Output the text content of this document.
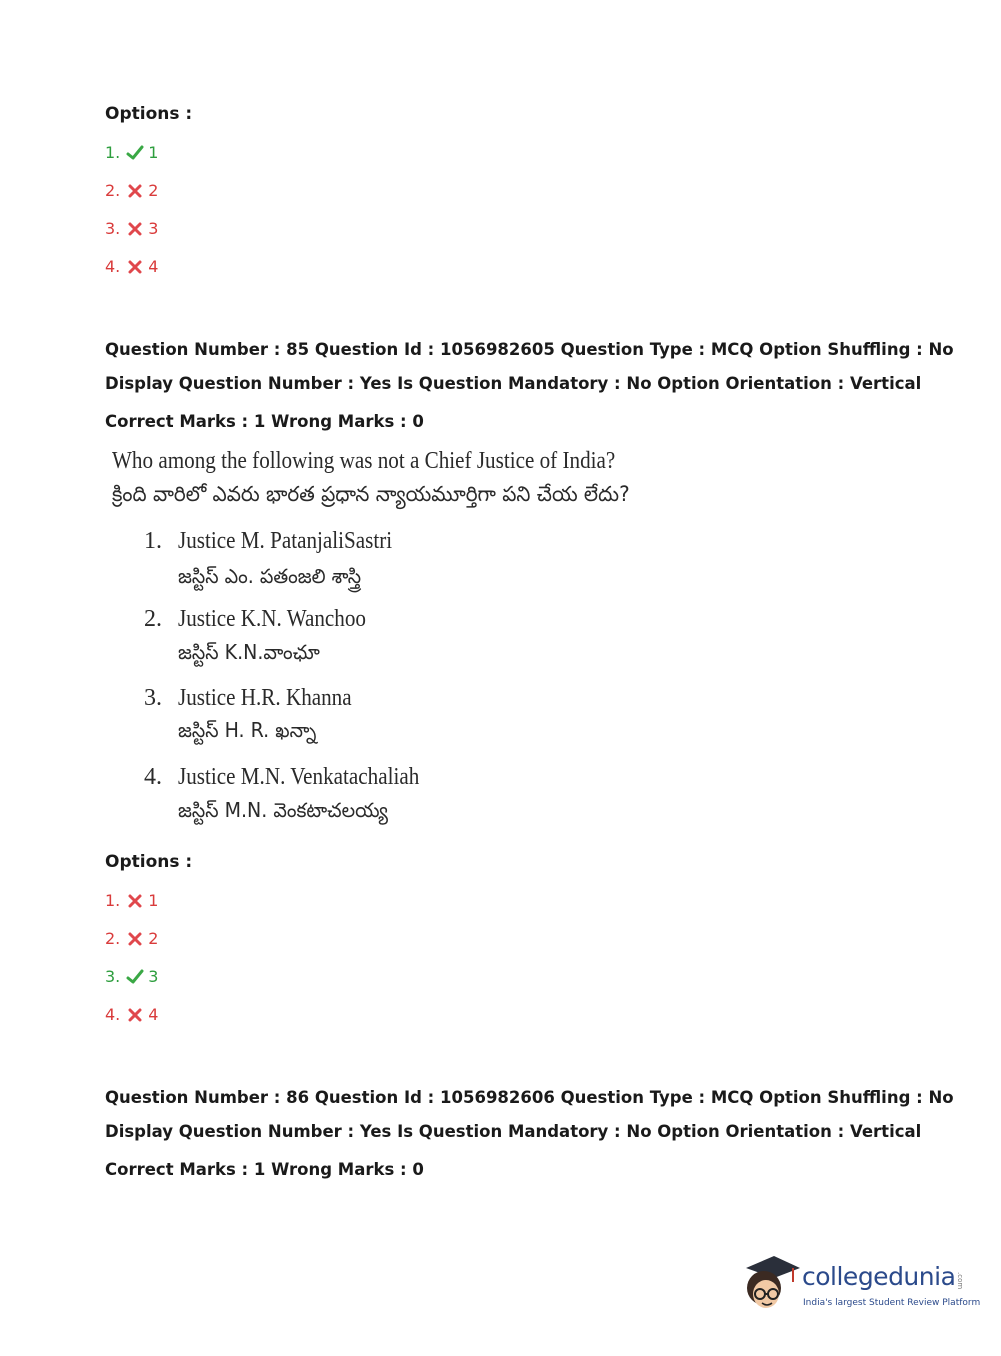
Options :
1. 1
2. 2
3. 3
4. 4
Question Number : 85 Question Id : 1056982605 Question Type : MCQ Option Shuffling : No
Display Question Number : Yes Is Question Mandatory : No Option Orientation : Vertical
Correct Marks : 1 Wrong Marks : 0
Who among the following was not a Chief Justice of India?
క్రింది వారిలో ఎవరు భారత ప్రధాన న్యాయమూర్తిగా పని చేయ లేదు?
1. Justice M. PatanjaliSastri
జస్టిస్ ఎం. పతంజలి శాస్త్రి
2. Justice K.N. Wanchoo
జస్టిస్ K.N.వాంఛూ
3. Justice H.R. Khanna
జస్టిస్ H. R. ఖన్నా
4. Justice M.N. Venkatachaliah
జస్టిస్ M.N. వెంకటాచలయ్య
Options :
1. 1
2. 2
3. 3
4. 4
Question Number : 86 Question Id : 1056982606 Question Type : MCQ Option Shuffling : No
Display Question Number : Yes Is Question Mandatory : No Option Orientation : Vertical
Correct Marks : 1 Wrong Marks : 0
collegedunia .com
India's largest Student Review Platform
